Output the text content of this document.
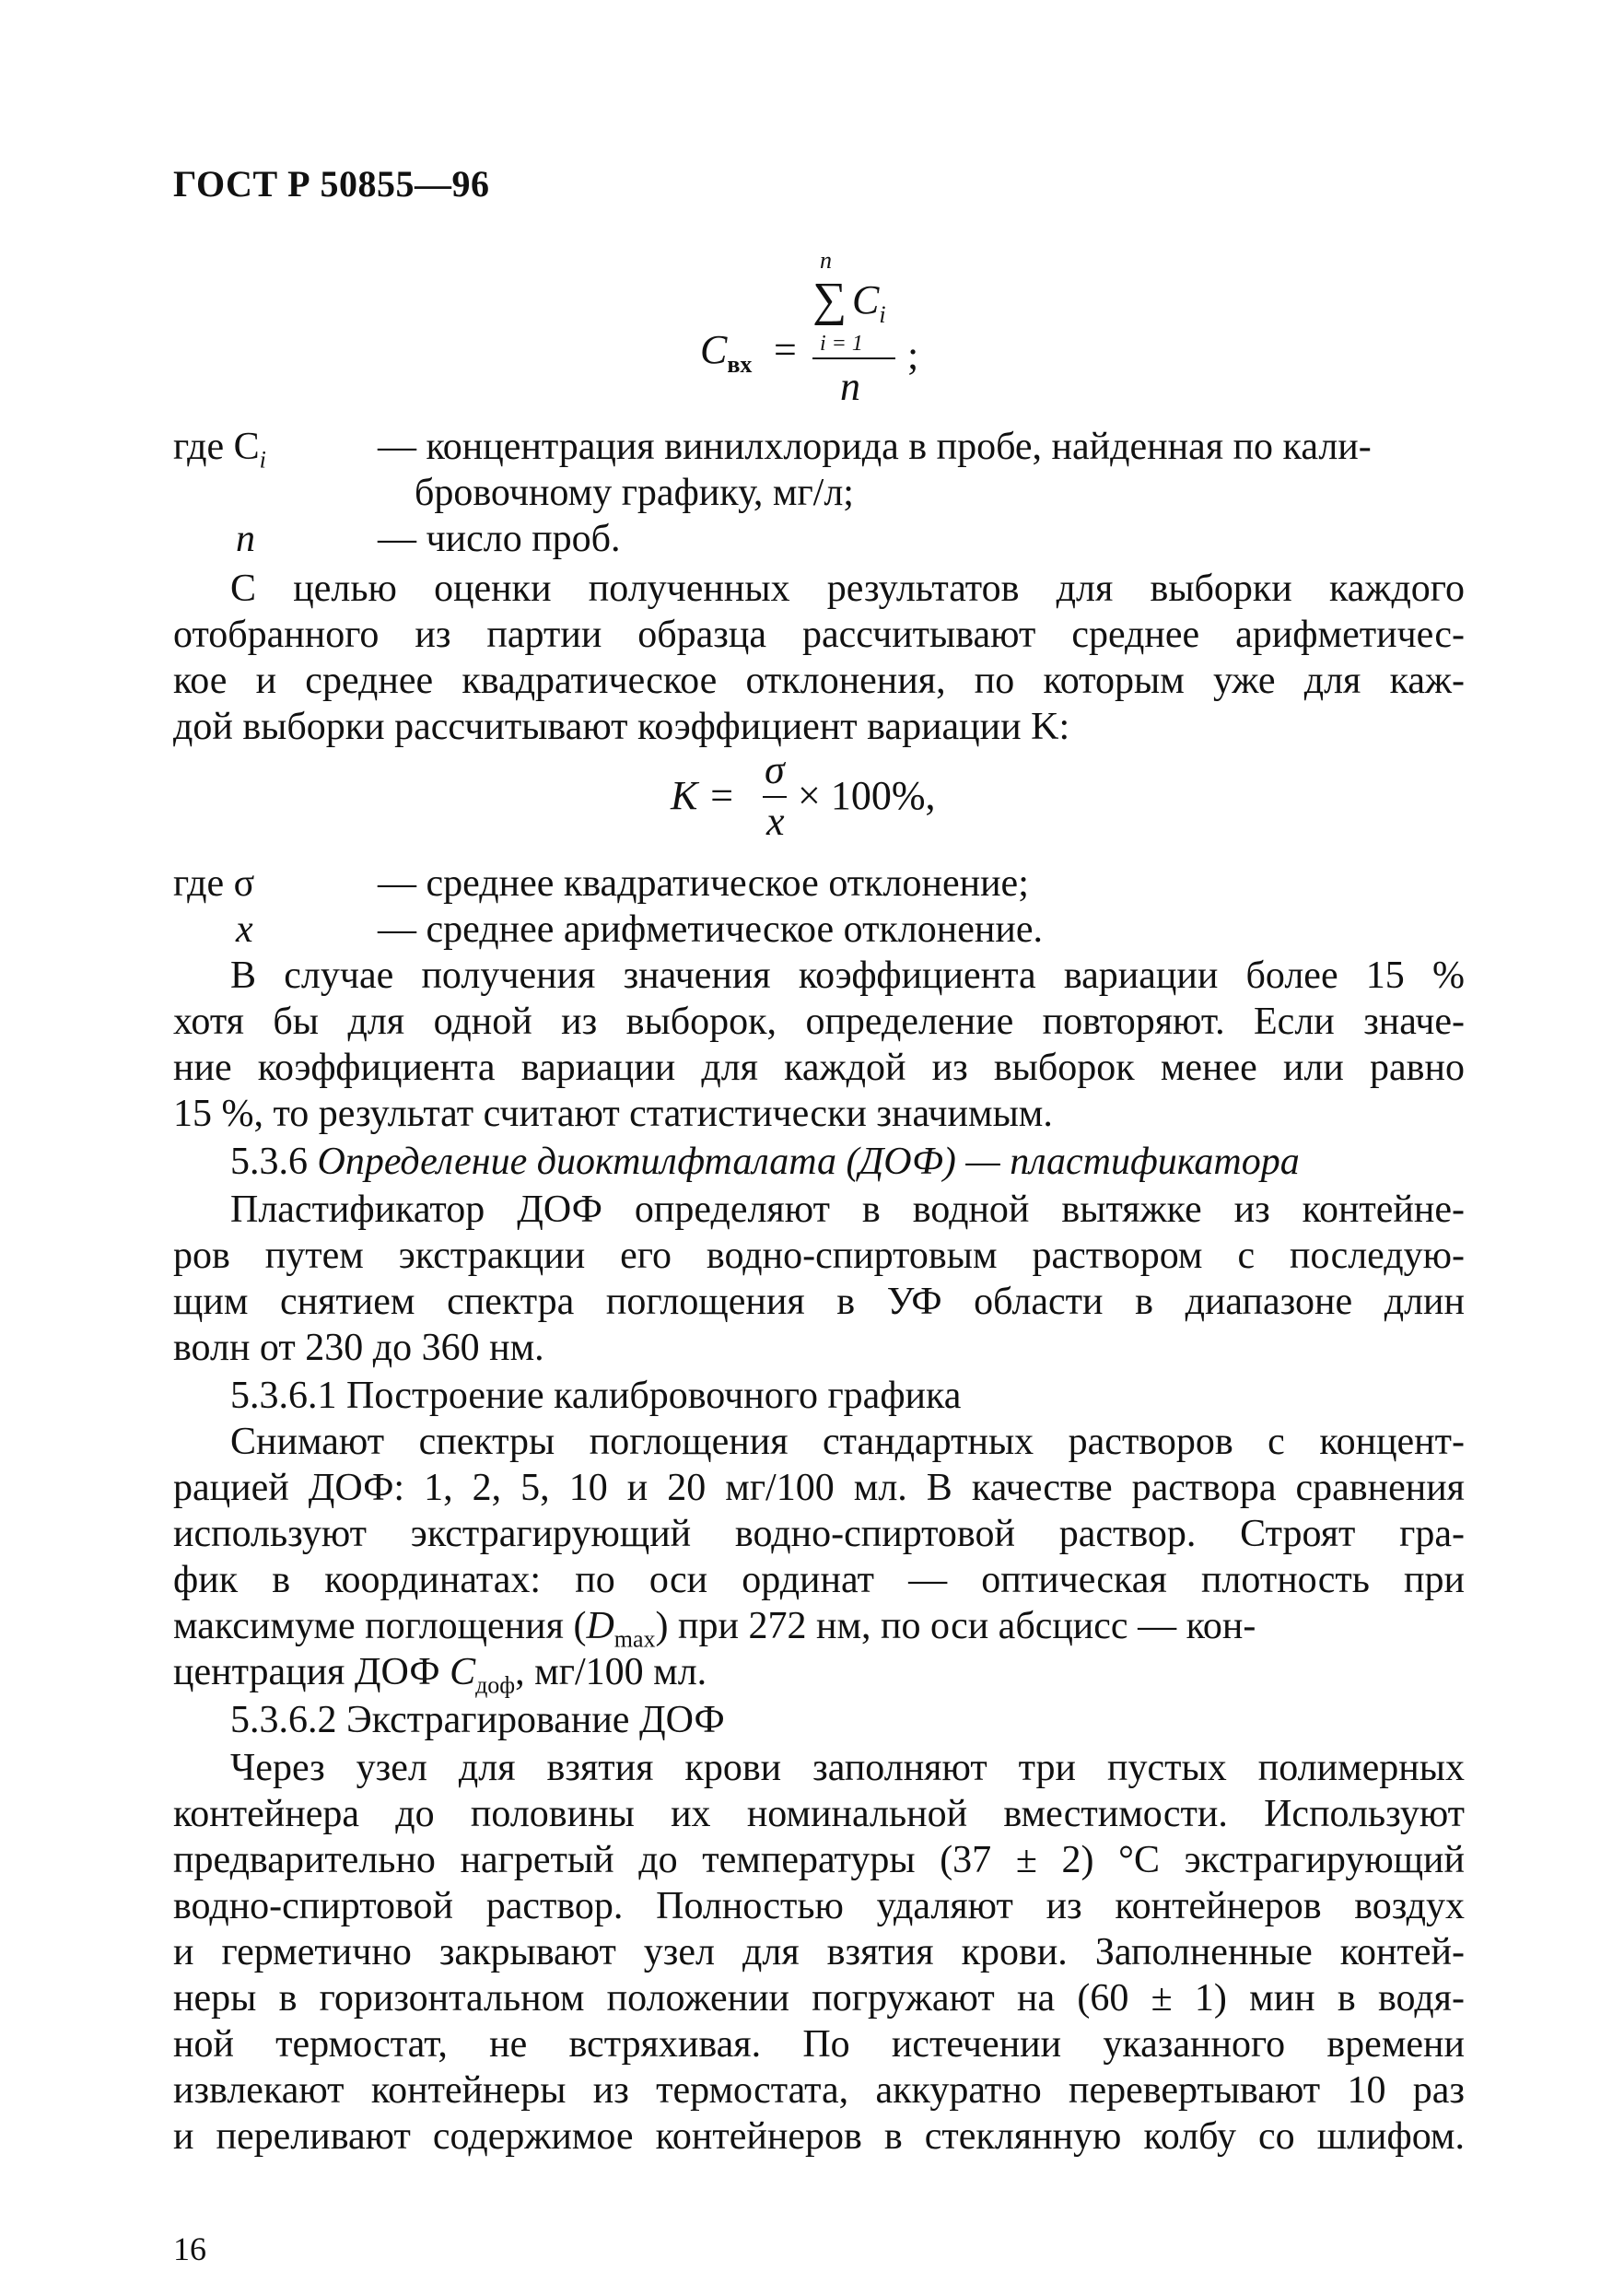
ГОСТ Р 50855—96
n
∑ $C_i$
$C_{вх} = i = 1$
n
;
где $C_i$	— концентрация винилхлорида в пробе, найденная по кали-
бровочному графику, мг/л;
n	— число проб.
С целью оценки полученных результатов для выборки каждого
отобранного из партии образца рассчитывают среднее арифметичес-
кое и среднее квадратическое отклонения, по которым уже для каж-
дой выборки рассчитывают коэффициент вариации K:
K =
σ
x
× 100%,
где σ	— среднее квадратическое отклонение;
x	— среднее арифметическое отклонение.
В случае получения значения коэффициента вариации более 15 %
хотя бы для одной из выборок, определение повторяют. Если значе-
ние коэффициента вариации для каждой из выборок менее или равно
15 %, то результат считают статистически значимым.
5.3.6 Определение диоктилфталата (ДОФ) — пластификатора
Пластификатор ДОФ определяют в водной вытяжке из контейне-
ров путем экстракции его водно-спиртовым раствором с последую-
щим снятием спектра поглощения в УФ области в диапазоне длин
волн от 230 до 360 нм.
5.3.6.1 Построение калибровочного графика
Снимают спектры поглощения стандартных растворов с концент-
рацией ДОФ: 1, 2, 5, 10 и 20 мг/100 мл. В качестве раствора сравнения
используют экстрагирующий водно-спиртовой раствор. Строят гра-
фик в координатах: по оси ординат — оптическая плотность при
максимуме поглощения $(D_{max})$ при 272 нм, по оси абсцисс — кон-
центрация ДОФ $C_{доф}$, мг/100 мл.
5.3.6.2 Экстрагирование ДОФ
Через узел для взятия крови заполняют три пустых полимерных
контейнера до половины их номинальной вместимости. Используют
предварительно нагретый до температуры (37 ± 2) °С экстрагирующий
водно-спиртовой раствор. Полностью удаляют из контейнеров воздух
и герметично закрывают узел для взятия крови. Заполненные контей-
неры в горизонтальном положении погружают на (60 ± 1) мин в водя-
ной термостат, не встряхивая. По истечении указанного времени
извлекают контейнеры из термостата, аккуратно перевертывают 10 раз
и переливают содержимое контейнеров в стеклянную колбу со шлифом.
16
